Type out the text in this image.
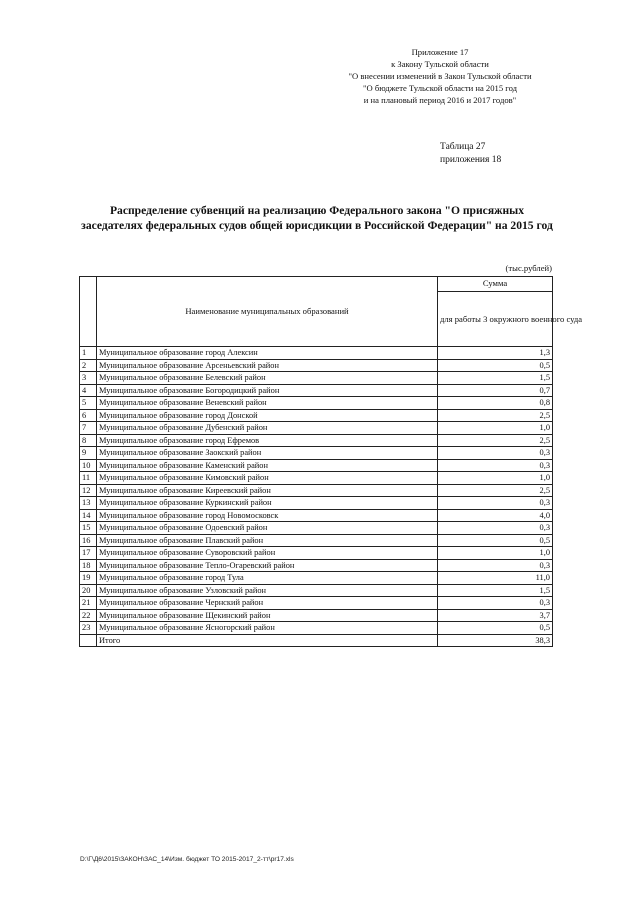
Приложение 17
к Закону Тульской области
"О внесении изменений в Закон Тульской области
"О бюджете Тульской области на 2015 год
и на плановый период 2016 и 2017 годов"
Таблица 27
приложения 18
Распределение субвенций на реализацию Федерального закона "О присяжных заседателях федеральных судов общей юрисдикции в Российской Федерации" на 2015 год
(тыс.рублей)
	Наименование муниципальных образований	Сумма
		для работы 3 окружного военного суда
1	Муниципальное образование город Алексин	1,3
2	Муниципальное образование Арсеньевский район	0,5
3	Муниципальное образование Белевский район	1,5
4	Муниципальное образование Богородицкий район	0,7
5	Муниципальное образование Веневский район	0,8
6	Муниципальное образование город Донской	2,5
7	Муниципальное образование Дубенский район	1,0
8	Муниципальное образование город Ефремов	2,5
9	Муниципальное образование Заокский район	0,3
10	Муниципальное образование Каменский район	0,3
11	Муниципальное образование Кимовский район	1,0
12	Муниципальное образование Киреевский район	2,5
13	Муниципальное образование Куркинский район	0,3
14	Муниципальное образование город Новомосковск	4,0
15	Муниципальное образование Одоевский район	0,3
16	Муниципальное образование Плавский район	0,5
17	Муниципальное образование Суворовский район	1,0
18	Муниципальное образование Тепло-Огаревский район	0,3
19	Муниципальное образование город Тула	11,0
20	Муниципальное образование Узловский район	1,5
21	Муниципальное образование Чернский район	0,3
22	Муниципальное образование Щекинский район	3,7
23	Муниципальное образование Ясногорский район	0,5
	Итого	38,3
D:\Г\Д6\2015\ЗАКОН\ЗАС_14\Изм. бюджет ТО 2015-2017_2-тт\pr17.xls
